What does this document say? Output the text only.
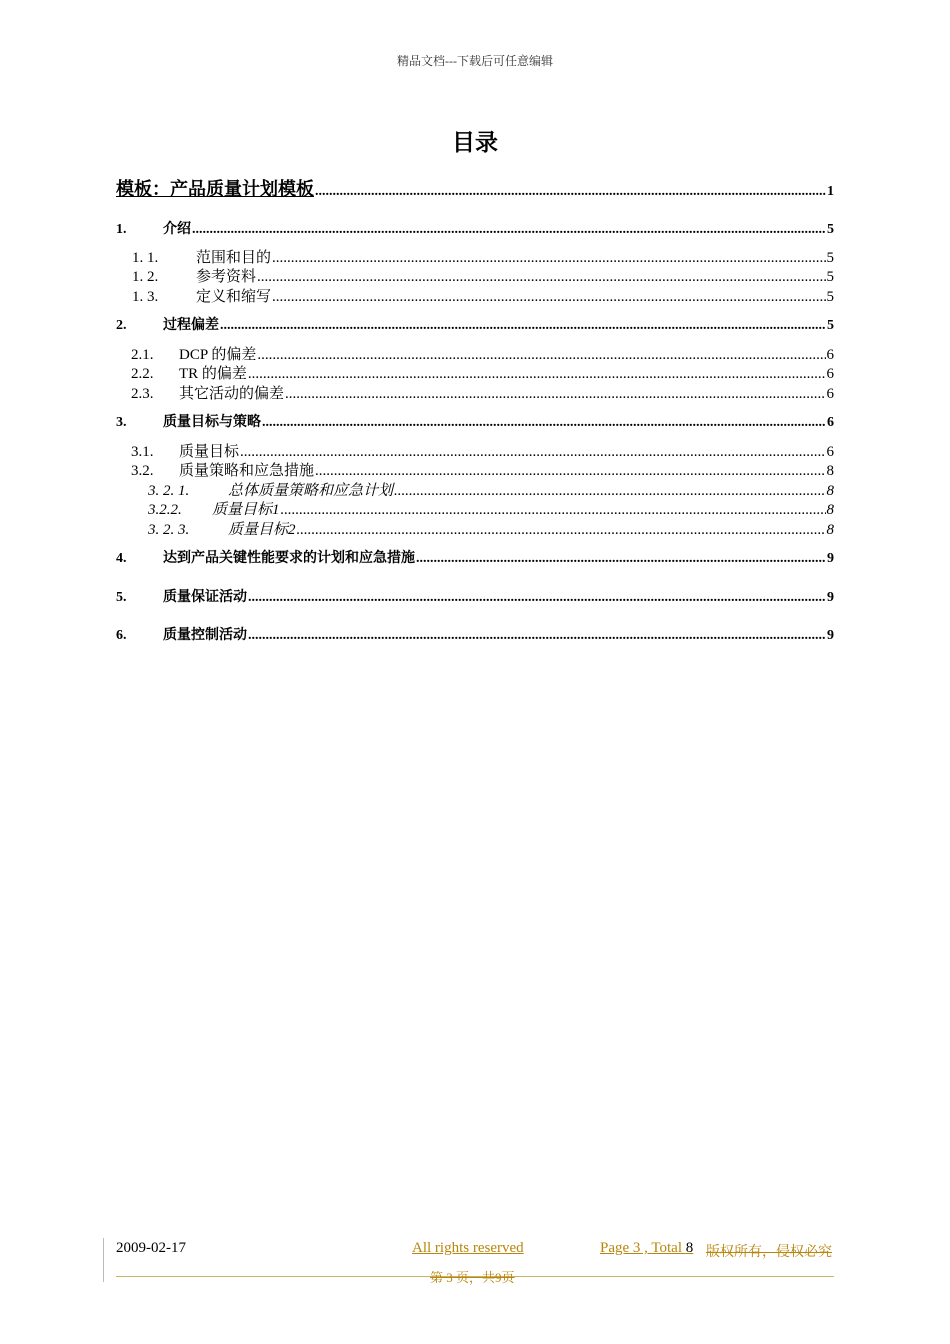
精品文档---下载后可任意编辑
目录
模板：产品质量计划模板 .....	1
1.	介绍 .....	5
1. 1.	范围和目的 .....	5
1. 2.	参考资料 .....	5
1. 3.	定义和缩写 .....	5
2.	过程偏差 .....	5
2.1.	DCP 的偏差 .....	6
2.2.	TR 的偏差 .....	6
2.3.	其它活动的偏差 .....	6
3.	质量目标与策略 .....	6
3.1.	质量目标 .....	6
3.2.	质量策略和应急措施 .....	8
3. 2. 1.	总体质量策略和应急计划 .....	8
3.2.2.	质量目标1 .....	8
3. 2. 3.	质量目标2 .....	8
4.	达到产品关键性能要求的计划和应急措施 .....	9
5.	质量保证活动 .....	9
6.	质量控制活动 .....	9
2009-02-17	All rights reserved	Page 3 , Total 8 版权所有，侵权必究
第 3 页，共9页
